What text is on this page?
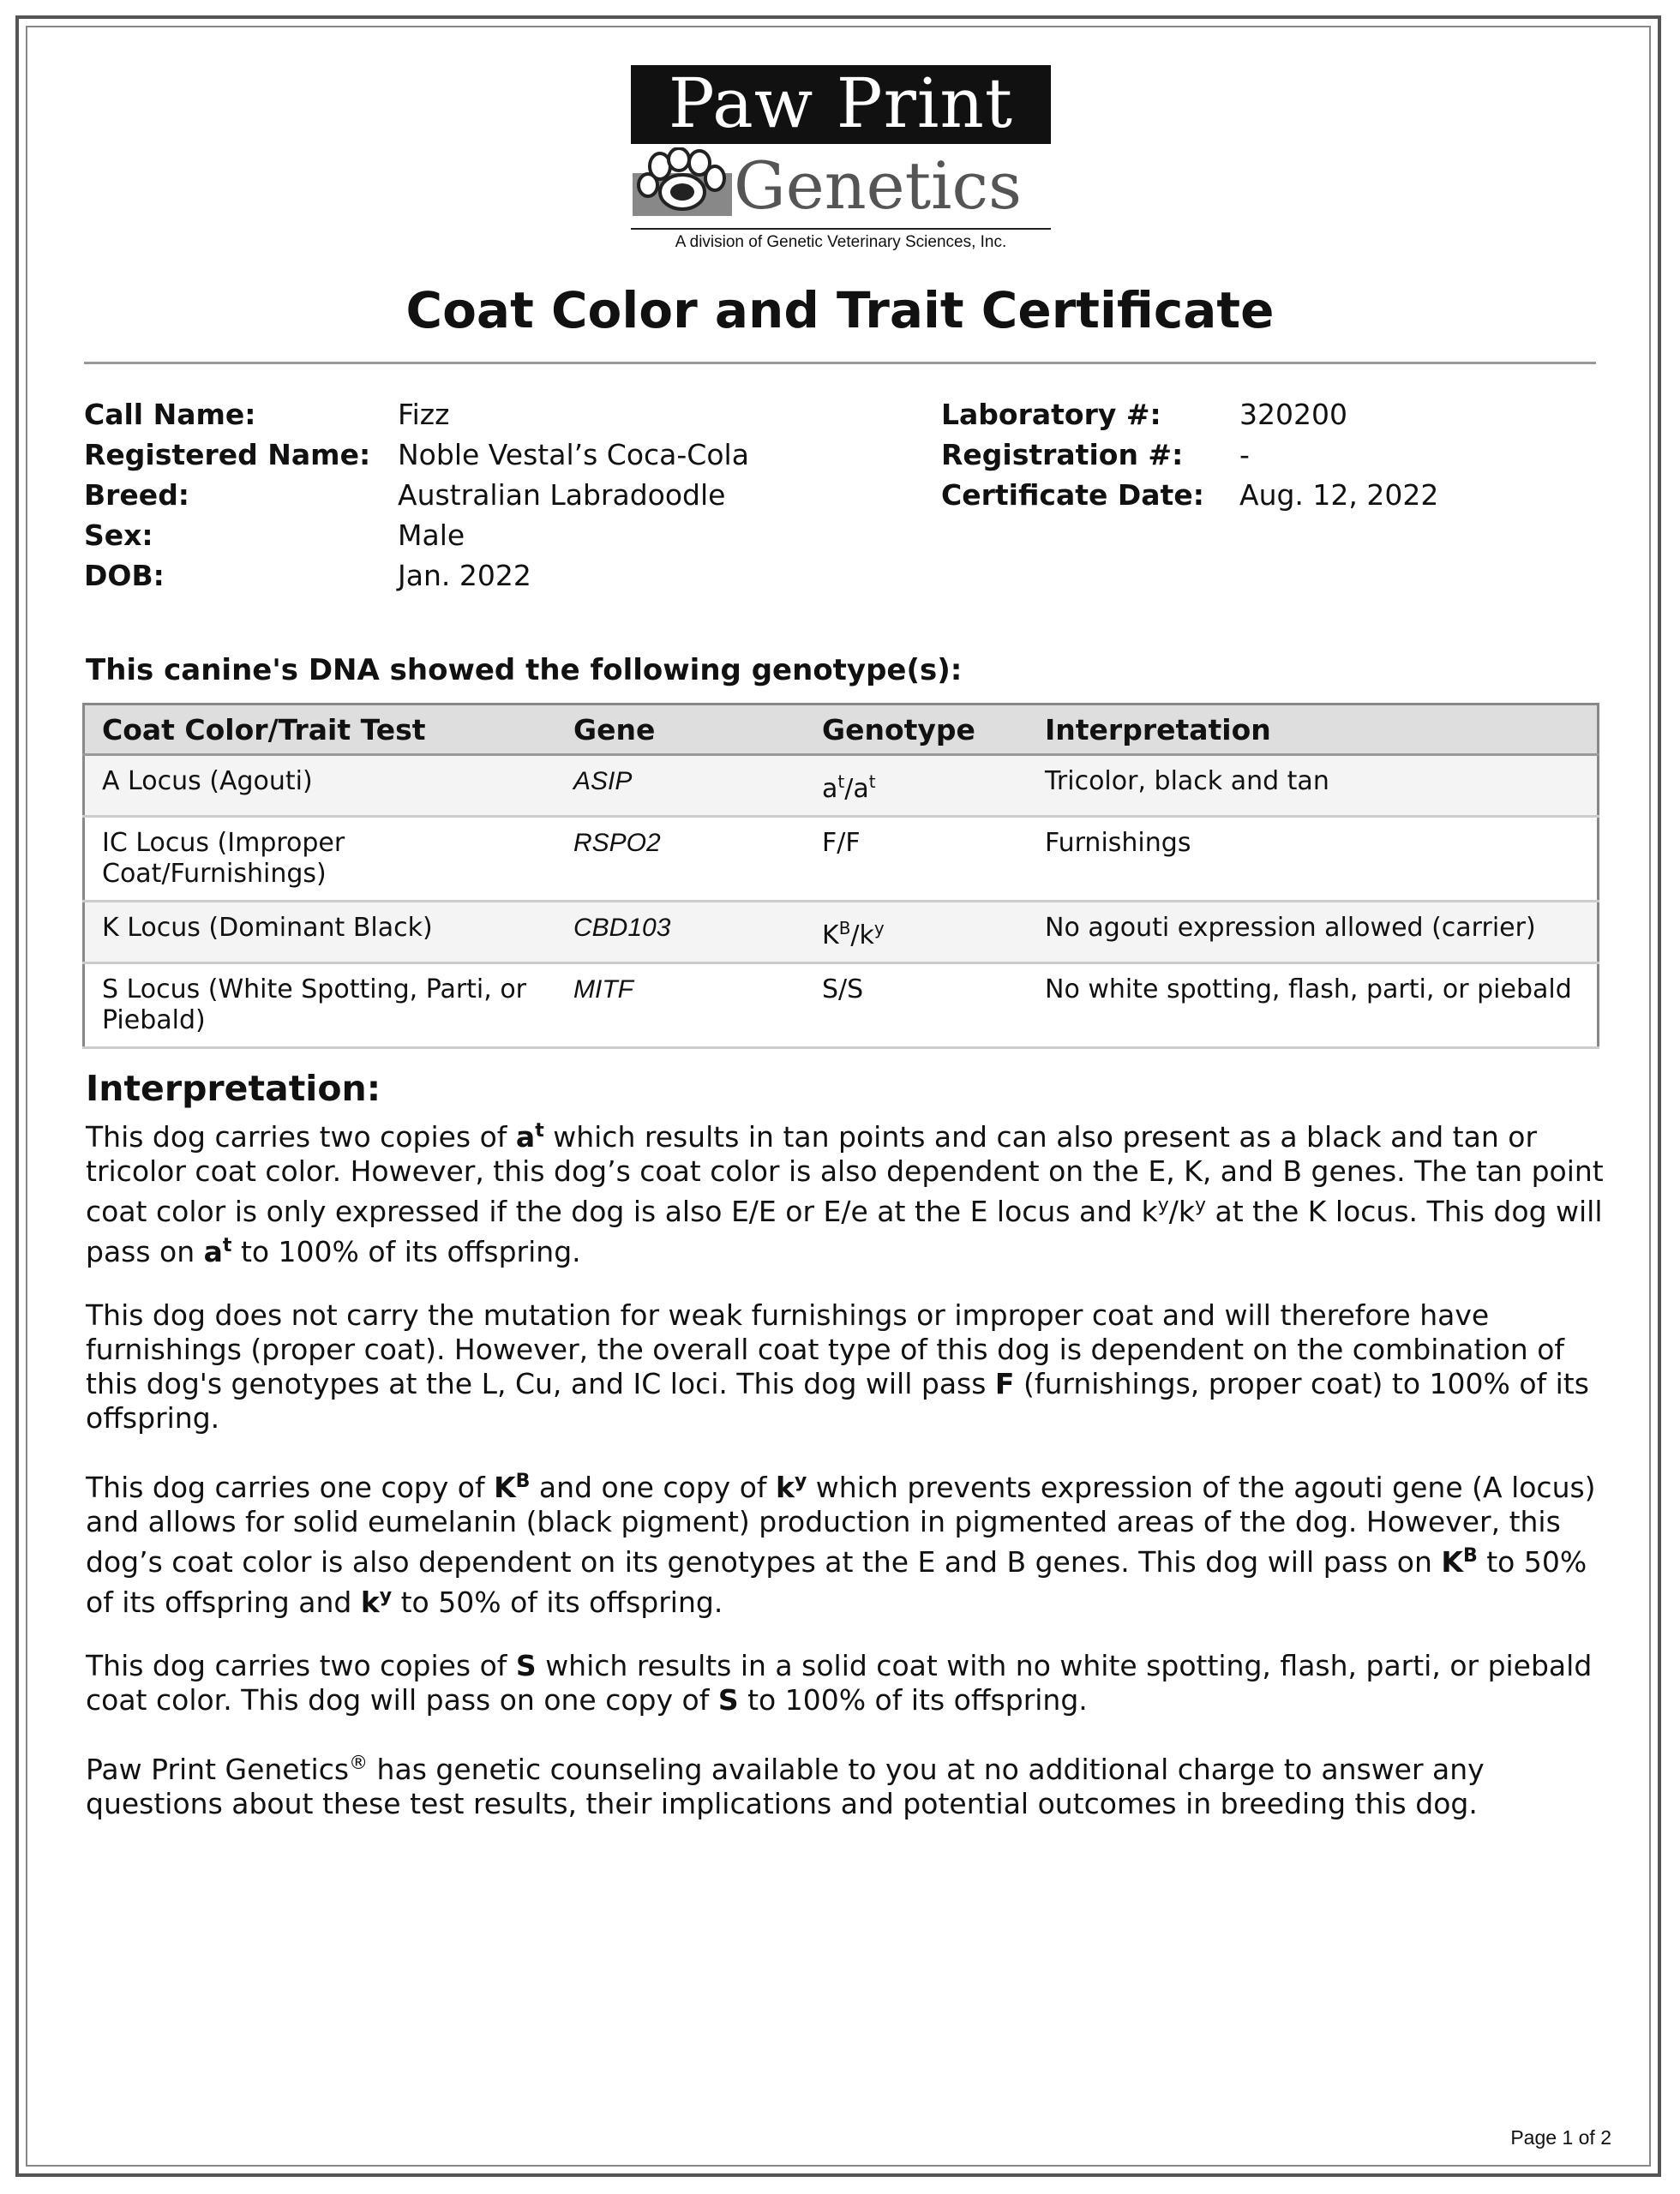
Paw Print
Genetics
A division of Genetic Veterinary Sciences, Inc.
Coat Color and Trait Certificate
Call Name:	Fizz
Registered Name: Noble Vestal’s Coca-Cola
Breed:	Australian Labradoodle
Sex:	Male
DOB:	Jan. 2022
Laboratory #:	320200
Registration #:	-
Certificate Date:	Aug. 12, 2022
This canine's DNA showed the following genotype(s):
Coat Color/Trait Test	Gene	Genotype	Interpretation
A Locus (Agouti)	ASIP	$a^t/a^t$	Tricolor, black and tan
IC Locus (Improper Coat/Furnishings)	RSPO2	F/F	Furnishings
K Locus (Dominant Black)	CBD103	$K^B/k^y$	No agouti expression allowed (carrier)
S Locus (White Spotting, Parti, or Piebald)	MITF	S/S	No white spotting, flash, parti, or piebald
Interpretation:

This dog carries two copies of $a^t$ which results in tan points and can also present as a black and tan or tricolor coat color. However, this dog’s coat color is also dependent on the E, K, and B genes. The tan point coat color is only expressed if the dog is also E/E or E/e at the E locus and $k^y/k^y$ at the K locus. This dog will pass on $a^t$ to 100% of its offspring.

This dog does not carry the mutation for weak furnishings or improper coat and will therefore have furnishings (proper coat). However, the overall coat type of this dog is dependent on the combination of this dog's genotypes at the L, Cu, and IC loci. This dog will pass F (furnishings, proper coat) to 100% of its offspring.

This dog carries one copy of $K^B$ and one copy of $k^y$ which prevents expression of the agouti gene (A locus) and allows for solid eumelanin (black pigment) production in pigmented areas of the dog. However, this dog’s coat color is also dependent on its genotypes at the E and B genes. This dog will pass on $K^B$ to 50% of its offspring and $k^y$ to 50% of its offspring.

This dog carries two copies of S which results in a solid coat with no white spotting, flash, parti, or piebald coat color. This dog will pass on one copy of S to 100% of its offspring.

Paw Print Genetics® has genetic counseling available to you at no additional charge to answer any questions about these test results, their implications and potential outcomes in breeding this dog.

Page 1 of 2
